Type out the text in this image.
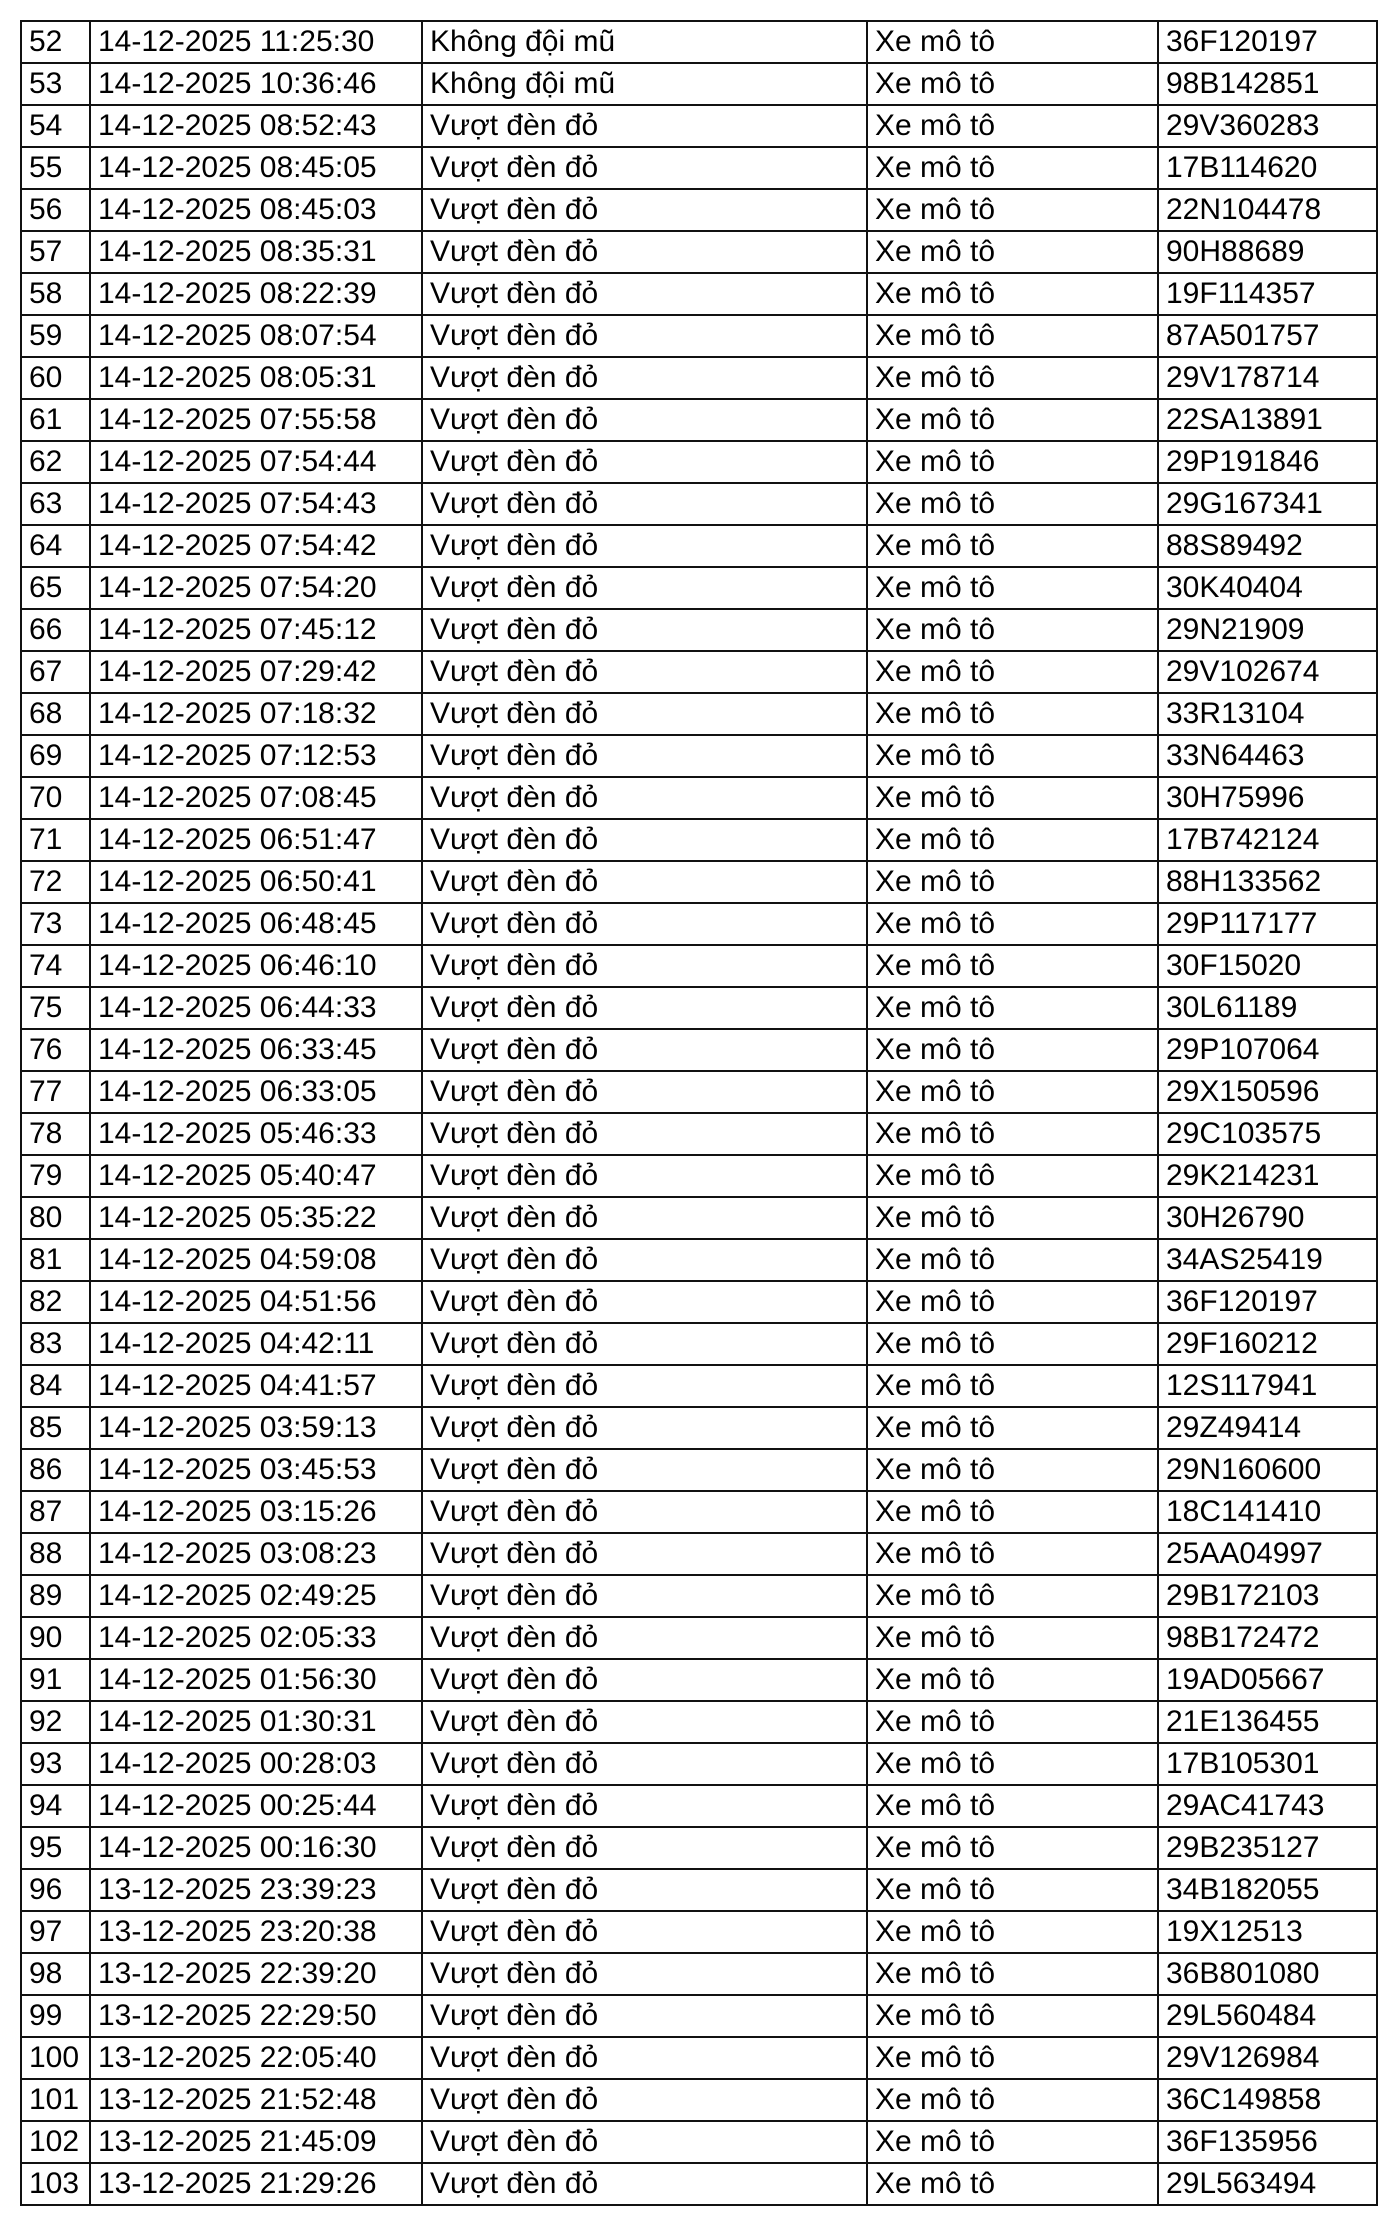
52	14-12-2025 11:25:30	Không đội mũ	Xe mô tô	36F120197
53	14-12-2025 10:36:46	Không đội mũ	Xe mô tô	98B142851
54	14-12-2025 08:52:43	Vượt đèn đỏ	Xe mô tô	29V360283
55	14-12-2025 08:45:05	Vượt đèn đỏ	Xe mô tô	17B114620
56	14-12-2025 08:45:03	Vượt đèn đỏ	Xe mô tô	22N104478
57	14-12-2025 08:35:31	Vượt đèn đỏ	Xe mô tô	90H88689
58	14-12-2025 08:22:39	Vượt đèn đỏ	Xe mô tô	19F114357
59	14-12-2025 08:07:54	Vượt đèn đỏ	Xe mô tô	87A501757
60	14-12-2025 08:05:31	Vượt đèn đỏ	Xe mô tô	29V178714
61	14-12-2025 07:55:58	Vượt đèn đỏ	Xe mô tô	22SA13891
62	14-12-2025 07:54:44	Vượt đèn đỏ	Xe mô tô	29P191846
63	14-12-2025 07:54:43	Vượt đèn đỏ	Xe mô tô	29G167341
64	14-12-2025 07:54:42	Vượt đèn đỏ	Xe mô tô	88S89492
65	14-12-2025 07:54:20	Vượt đèn đỏ	Xe mô tô	30K40404
66	14-12-2025 07:45:12	Vượt đèn đỏ	Xe mô tô	29N21909
67	14-12-2025 07:29:42	Vượt đèn đỏ	Xe mô tô	29V102674
68	14-12-2025 07:18:32	Vượt đèn đỏ	Xe mô tô	33R13104
69	14-12-2025 07:12:53	Vượt đèn đỏ	Xe mô tô	33N64463
70	14-12-2025 07:08:45	Vượt đèn đỏ	Xe mô tô	30H75996
71	14-12-2025 06:51:47	Vượt đèn đỏ	Xe mô tô	17B742124
72	14-12-2025 06:50:41	Vượt đèn đỏ	Xe mô tô	88H133562
73	14-12-2025 06:48:45	Vượt đèn đỏ	Xe mô tô	29P117177
74	14-12-2025 06:46:10	Vượt đèn đỏ	Xe mô tô	30F15020
75	14-12-2025 06:44:33	Vượt đèn đỏ	Xe mô tô	30L61189
76	14-12-2025 06:33:45	Vượt đèn đỏ	Xe mô tô	29P107064
77	14-12-2025 06:33:05	Vượt đèn đỏ	Xe mô tô	29X150596
78	14-12-2025 05:46:33	Vượt đèn đỏ	Xe mô tô	29C103575
79	14-12-2025 05:40:47	Vượt đèn đỏ	Xe mô tô	29K214231
80	14-12-2025 05:35:22	Vượt đèn đỏ	Xe mô tô	30H26790
81	14-12-2025 04:59:08	Vượt đèn đỏ	Xe mô tô	34AS25419
82	14-12-2025 04:51:56	Vượt đèn đỏ	Xe mô tô	36F120197
83	14-12-2025 04:42:11	Vượt đèn đỏ	Xe mô tô	29F160212
84	14-12-2025 04:41:57	Vượt đèn đỏ	Xe mô tô	12S117941
85	14-12-2025 03:59:13	Vượt đèn đỏ	Xe mô tô	29Z49414
86	14-12-2025 03:45:53	Vượt đèn đỏ	Xe mô tô	29N160600
87	14-12-2025 03:15:26	Vượt đèn đỏ	Xe mô tô	18C141410
88	14-12-2025 03:08:23	Vượt đèn đỏ	Xe mô tô	25AA04997
89	14-12-2025 02:49:25	Vượt đèn đỏ	Xe mô tô	29B172103
90	14-12-2025 02:05:33	Vượt đèn đỏ	Xe mô tô	98B172472
91	14-12-2025 01:56:30	Vượt đèn đỏ	Xe mô tô	19AD05667
92	14-12-2025 01:30:31	Vượt đèn đỏ	Xe mô tô	21E136455
93	14-12-2025 00:28:03	Vượt đèn đỏ	Xe mô tô	17B105301
94	14-12-2025 00:25:44	Vượt đèn đỏ	Xe mô tô	29AC41743
95	14-12-2025 00:16:30	Vượt đèn đỏ	Xe mô tô	29B235127
96	13-12-2025 23:39:23	Vượt đèn đỏ	Xe mô tô	34B182055
97	13-12-2025 23:20:38	Vượt đèn đỏ	Xe mô tô	19X12513
98	13-12-2025 22:39:20	Vượt đèn đỏ	Xe mô tô	36B801080
99	13-12-2025 22:29:50	Vượt đèn đỏ	Xe mô tô	29L560484
100 13-12-2025 22:05:40	Vượt đèn đỏ	Xe mô tô	29V126984
101 13-12-2025 21:52:48	Vượt đèn đỏ	Xe mô tô	36C149858
102 13-12-2025 21:45:09	Vượt đèn đỏ	Xe mô tô	36F135956
103 13-12-2025 21:29:26	Vượt đèn đỏ	Xe mô tô	29L563494
